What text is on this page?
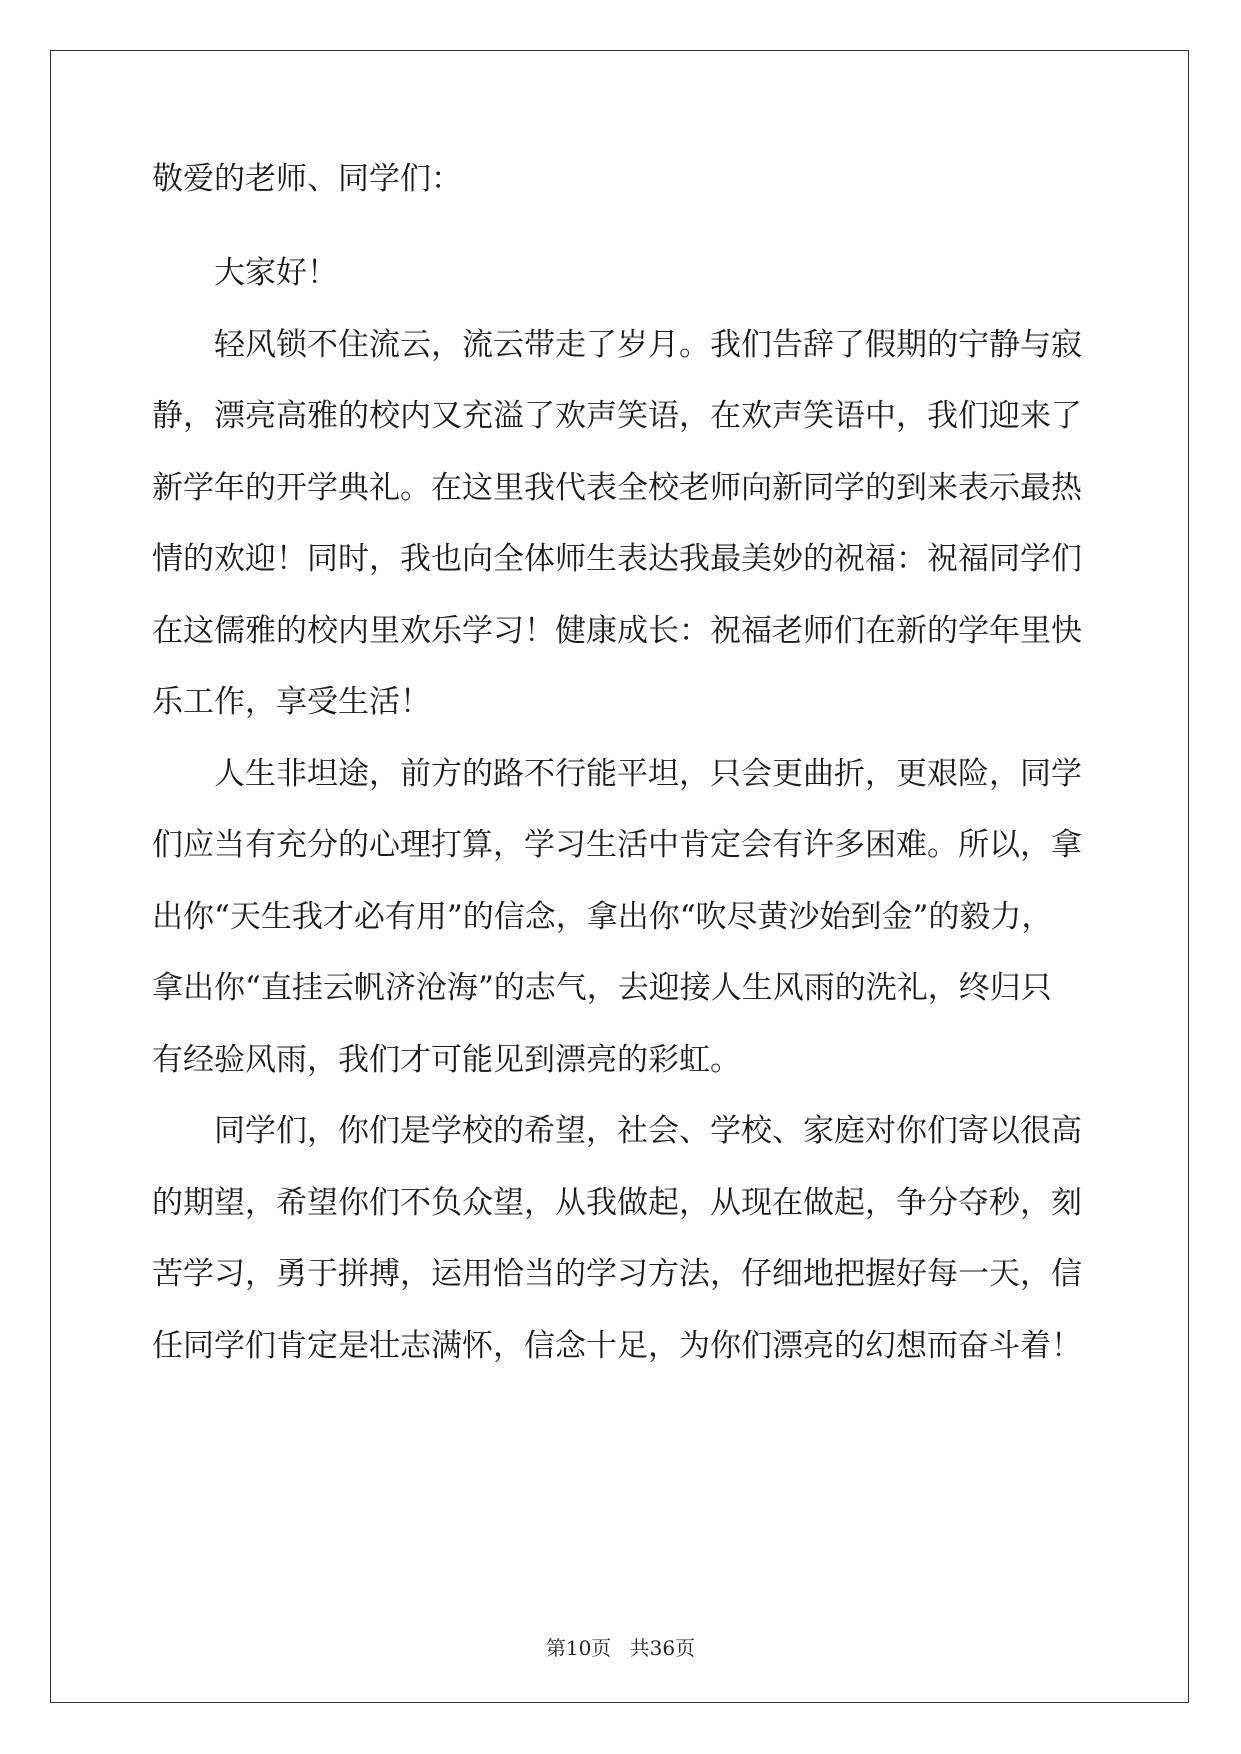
敬爱的老师、同学们：
大家好！
轻风锁不住流云，流云带走了岁月。我们告辞了假期的宁静与寂
静，漂亮高雅的校内又充溢了欢声笑语，在欢声笑语中，我们迎来了
新学年的开学典礼。在这里我代表全校老师向新同学的到来表示最热
情的欢迎！同时，我也向全体师生表达我最美妙的祝福：祝福同学们
在这儒雅的校内里欢乐学习！健康成长：祝福老师们在新的学年里快
乐工作，享受生活！
人生非坦途，前方的路不行能平坦，只会更曲折，更艰险，同学
们应当有充分的心理打算，学习生活中肯定会有许多困难。所以，拿
出你“天生我才必有用”的信念，拿出你“吹尽黄沙始到金”的毅力，
拿出你“直挂云帆济沧海”的志气，去迎接人生风雨的洗礼，终归只
有经验风雨，我们才可能见到漂亮的彩虹。
同学们，你们是学校的希望，社会、学校、家庭对你们寄以很高
的期望，希望你们不负众望，从我做起，从现在做起，争分夺秒，刻
苦学习，勇于拼搏，运用恰当的学习方法，仔细地把握好每一天，信
任同学们肯定是壮志满怀，信念十足，为你们漂亮的幻想而奋斗着！
第10页 共36页
